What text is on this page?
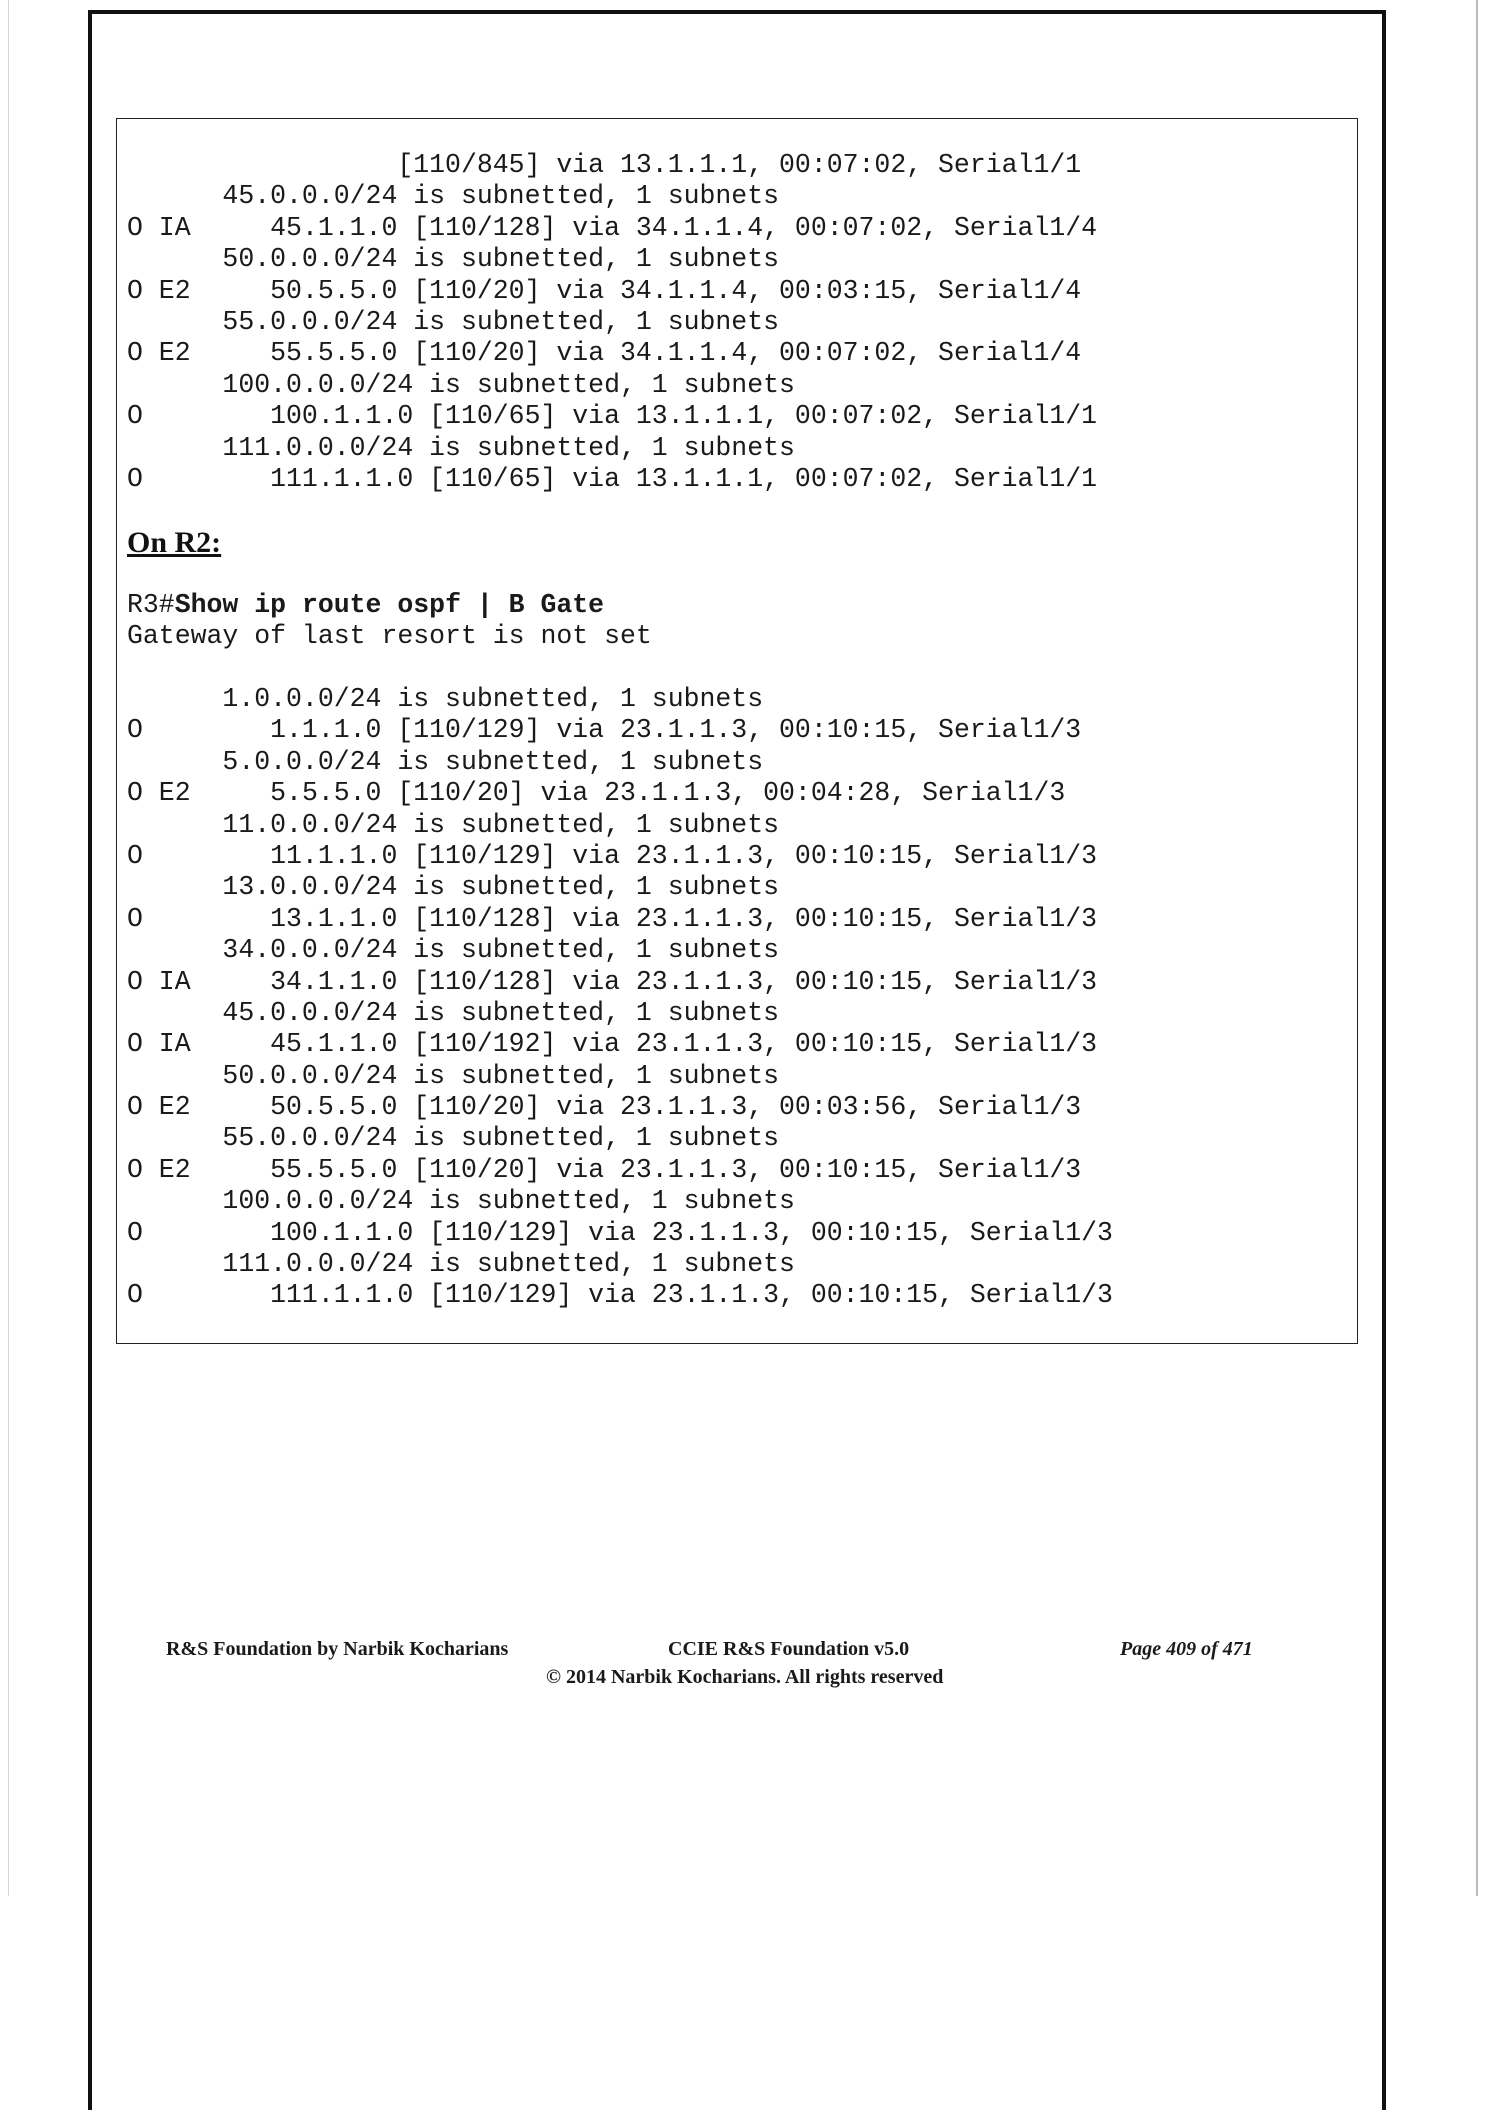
[110/845] via 13.1.1.1, 00:07:02, Serial1/1
45.0.0.0/24 is subnetted, 1 subnets
O IA     45.1.1.0 [110/128] via 34.1.1.4, 00:07:02, Serial1/4
50.0.0.0/24 is subnetted, 1 subnets
O E2     50.5.5.0 [110/20] via 34.1.1.4, 00:03:15, Serial1/4
55.0.0.0/24 is subnetted, 1 subnets
O E2     55.5.5.0 [110/20] via 34.1.1.4, 00:07:02, Serial1/4
100.0.0.0/24 is subnetted, 1 subnets
O        100.1.1.0 [110/65] via 13.1.1.1, 00:07:02, Serial1/1
111.0.0.0/24 is subnetted, 1 subnets
O        111.1.1.0 [110/65] via 13.1.1.1, 00:07:02, Serial1/1
On R2:
R3#Show ip route ospf | B Gate
Gateway of last resort is not set
1.0.0.0/24 is subnetted, 1 subnets
O        1.1.1.0 [110/129] via 23.1.1.3, 00:10:15, Serial1/3
5.0.0.0/24 is subnetted, 1 subnets
O E2     5.5.5.0 [110/20] via 23.1.1.3, 00:04:28, Serial1/3
11.0.0.0/24 is subnetted, 1 subnets
O        11.1.1.0 [110/129] via 23.1.1.3, 00:10:15, Serial1/3
13.0.0.0/24 is subnetted, 1 subnets
O        13.1.1.0 [110/128] via 23.1.1.3, 00:10:15, Serial1/3
34.0.0.0/24 is subnetted, 1 subnets
O IA     34.1.1.0 [110/128] via 23.1.1.3, 00:10:15, Serial1/3
45.0.0.0/24 is subnetted, 1 subnets
O IA     45.1.1.0 [110/192] via 23.1.1.3, 00:10:15, Serial1/3
50.0.0.0/24 is subnetted, 1 subnets
O E2     50.5.5.0 [110/20] via 23.1.1.3, 00:03:56, Serial1/3
55.0.0.0/24 is subnetted, 1 subnets
O E2     55.5.5.0 [110/20] via 23.1.1.3, 00:10:15, Serial1/3
100.0.0.0/24 is subnetted, 1 subnets
O        100.1.1.0 [110/129] via 23.1.1.3, 00:10:15, Serial1/3
111.0.0.0/24 is subnetted, 1 subnets
O        111.1.1.0 [110/129] via 23.1.1.3, 00:10:15, Serial1/3
R&S Foundation by Narbik Kocharians	CCIE R&S Foundation v5.0	Page 409 of 471
© 2014 Narbik Kocharians. All rights reserved
